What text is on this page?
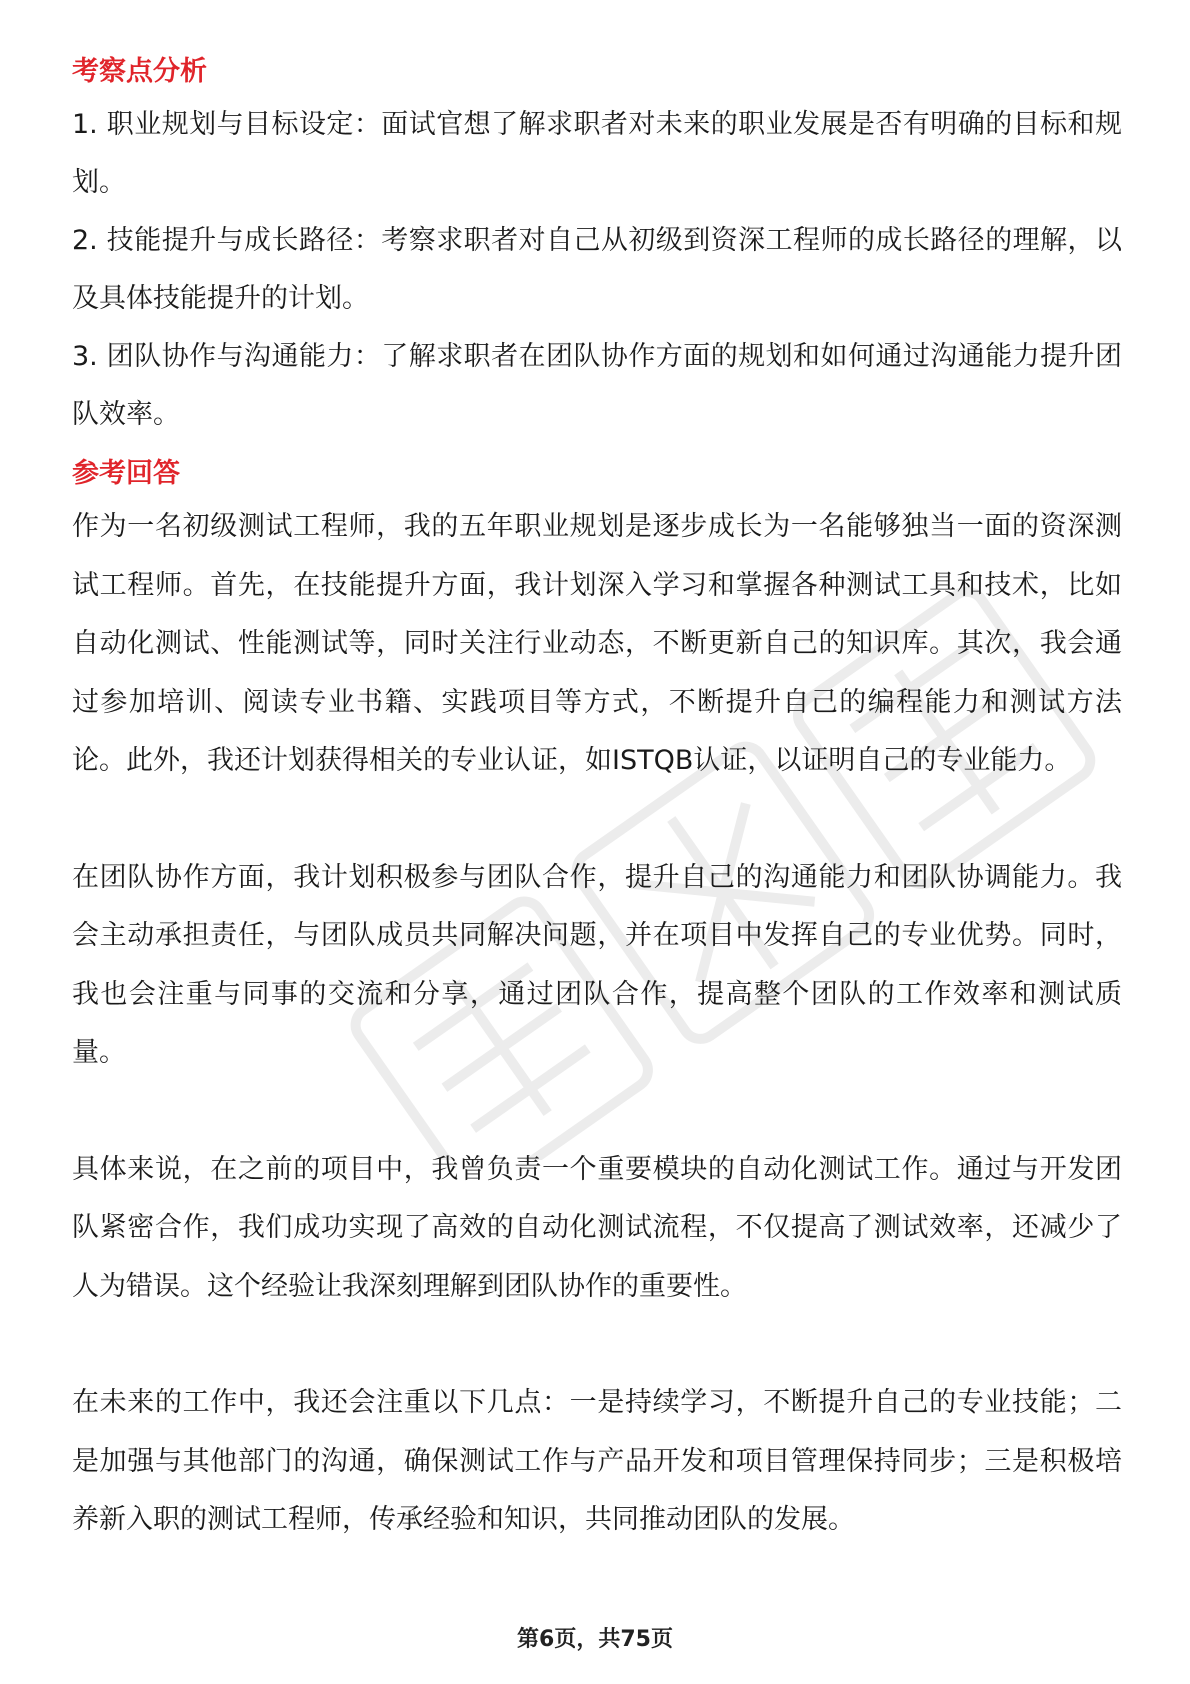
考察点分析

1. 职业规划与目标设定：面试官想了解求职者对未来的职业发展是否有明确的目标和规划。

2. 技能提升与成长路径：考察求职者对自己从初级到资深工程师的成长路径的理解，以及具体技能提升的计划。

3. 团队协作与沟通能力：了解求职者在团队协作方面的规划和如何通过沟通能力提升团队效率。

参考回答

作为一名初级测试工程师，我的五年职业规划是逐步成长为一名能够独当一面的资深测试工程师。首先，在技能提升方面，我计划深入学习和掌握各种测试工具和技术，比如自动化测试、性能测试等，同时关注行业动态，不断更新自己的知识库。其次，我会通过参加培训、阅读专业书籍、实践项目等方式，不断提升自己的编程能力和测试方法论。此外，我还计划获得相关的专业认证，如ISTQB认证，以证明自己的专业能力。

在团队协作方面，我计划积极参与团队合作，提升自己的沟通能力和团队协调能力。我会主动承担责任，与团队成员共同解决问题，并在项目中发挥自己的专业优势。同时，我也会注重与同事的交流和分享，通过团队合作，提高整个团队的工作效率和测试质量。

具体来说，在之前的项目中，我曾负责一个重要模块的自动化测试工作。通过与开发团队紧密合作，我们成功实现了高效的自动化测试流程，不仅提高了测试效率，还减少了人为错误。这个经验让我深刻理解到团队协作的重要性。

在未来的工作中，我还会注重以下几点：一是持续学习，不断提升自己的专业技能；二是加强与其他部门的沟通，确保测试工作与产品开发和项目管理保持同步；三是积极培养新入职的测试工程师，传承经验和知识，共同推动团队的发展。

第6页，共75页
